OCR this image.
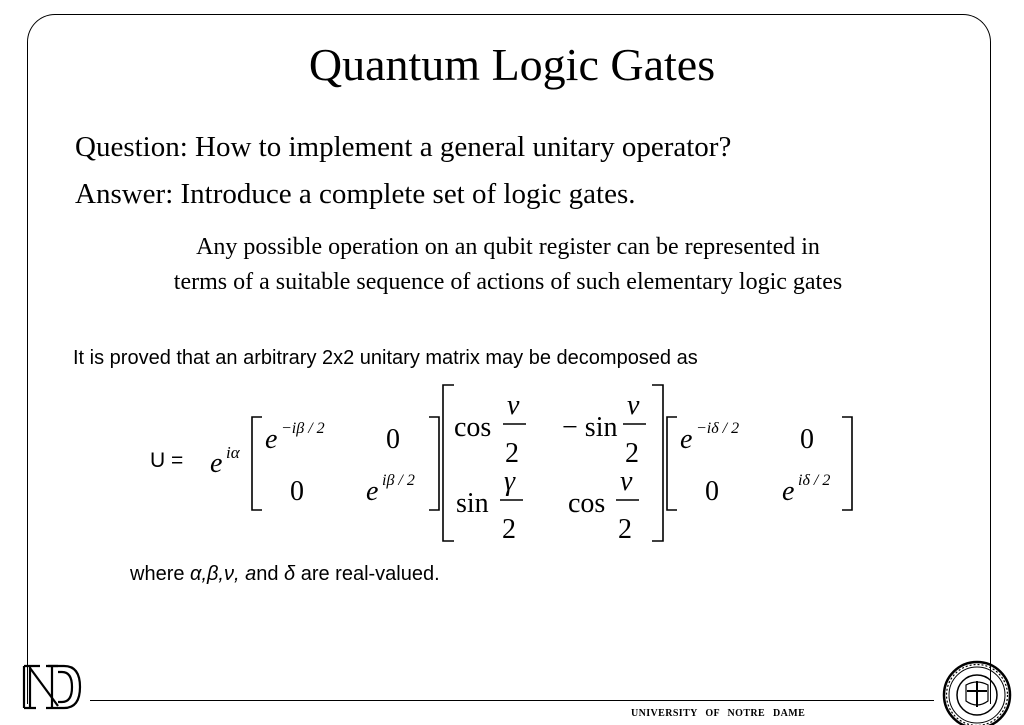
Quantum Logic Gates
Question: How to implement a general unitary operator?
Answer: Introduce a complete set of logic gates.
Any possible operation on an qubit register can be represented in
terms of a suitable sequence of actions of such elementary logic gates
It is proved that an arbitrary 2x2 unitary matrix may be decomposed as
U = e iα e −iβ / 2 0
0 e iβ / 2
cos
ν
2
− sin
ν
2
sin
γ
2
cos
ν
2
e −iδ / 2 0
0 e iδ / 2
where α,β,ν, and δ are real-valued.
UNIVERSITY OF NOTRE DAME
